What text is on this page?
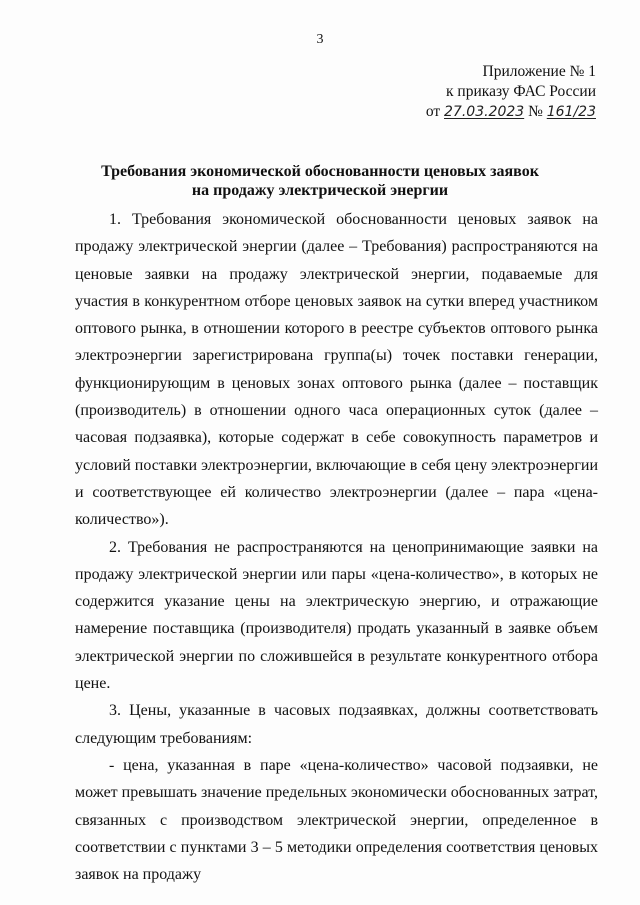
3
Приложение № 1
к приказу ФАС России
от 27.03.2023 № 161/23
Требования экономической обоснованности ценовых заявок
на продажу электрической энергии

1. Требования экономической обоснованности ценовых заявок на продажу электрической энергии (далее – Требования) распространяются на ценовые заявки на продажу электрической энергии, подаваемые для участия в конкурентном отборе ценовых заявок на сутки вперед участником оптового рынка, в отношении которого в реестре субъектов оптового рынка электроэнергии зарегистрирована группа(ы) точек поставки генерации, функционирующим в ценовых зонах оптового рынка (далее – поставщик (производитель) в отношении одного часа операционных суток (далее – часовая подзаявка), которые содержат в себе совокупность параметров и условий поставки электроэнергии, включающие в себя цену электроэнергии и соответствующее ей количество электроэнергии (далее – пара «цена-количество»).

2. Требования не распространяются на ценопринимающие заявки на продажу электрической энергии или пары «цена-количество», в которых не содержится указание цены на электрическую энергию, и отражающие намерение поставщика (производителя) продать указанный в заявке объем электрической энергии по сложившейся в результате конкурентного отбора цене.

3. Цены, указанные в часовых подзаявках, должны соответствовать следующим требованиям:

- цена, указанная в паре «цена-количество» часовой подзаявки, не может превышать значение предельных экономически обоснованных затрат, связанных с производством электрической энергии, определенное в соответствии с пунктами 3 – 5 методики определения соответствия ценовых заявок на продажу
